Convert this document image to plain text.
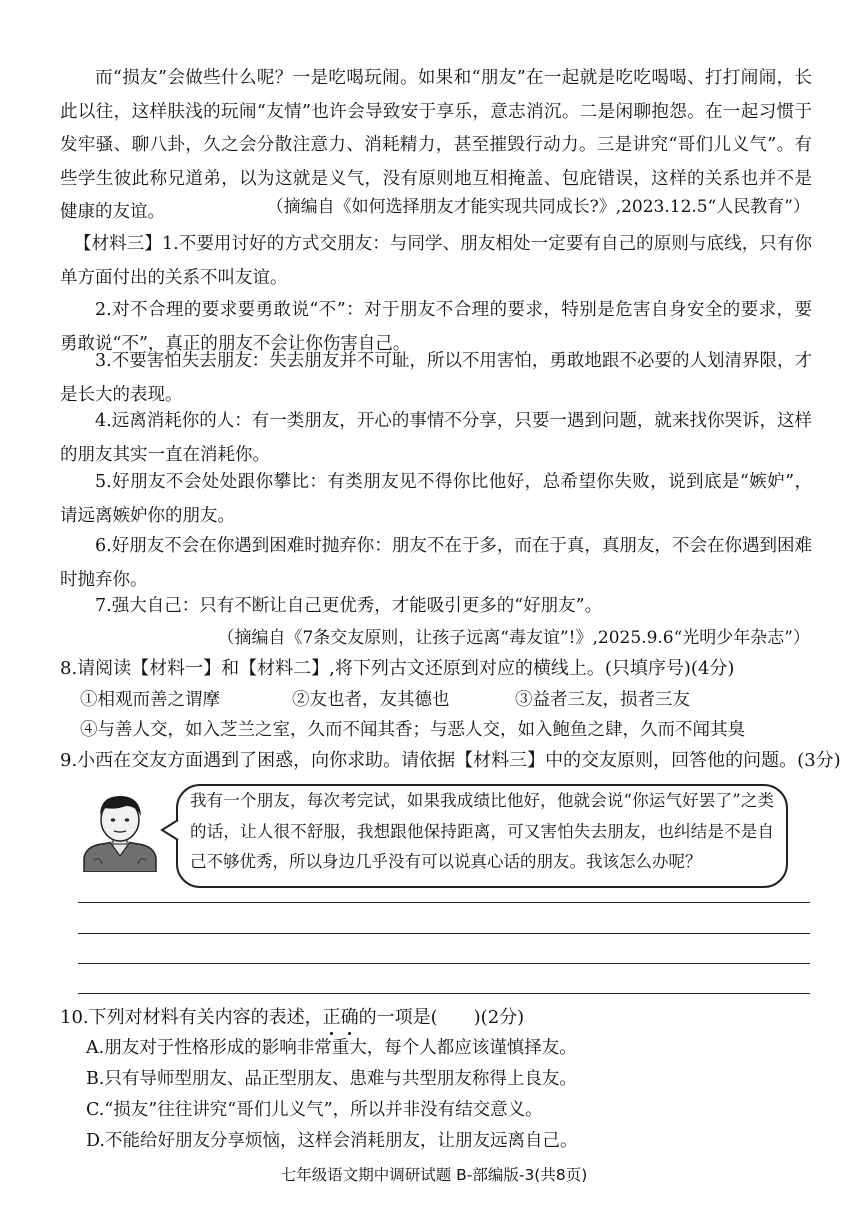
而“损友”会做些什么呢？一是吃喝玩闹。如果和“朋友”在一起就是吃吃喝喝、打打闹闹，长此以往，这样肤浅的玩闹“友情”也许会导致安于享乐，意志消沉。二是闲聊抱怨。在一起习惯于发牢骚、聊八卦，久之会分散注意力、消耗精力，甚至摧毁行动力。三是讲究“哥们儿义气”。有些学生彼此称兄道弟，以为这就是义气，没有原则地互相掩盖、包庇错误，这样的关系也并不是健康的友谊。	（摘编自《如何选择朋友才能实现共同成长?》,2023.12.5“人民教育”）

【材料三】1.不要用讨好的方式交朋友：与同学、朋友相处一定要有自己的原则与底线，只有你单方面付出的关系不叫友谊。

2.对不合理的要求要勇敢说“不”：对于朋友不合理的要求，特别是危害自身安全的要求，要勇敢说“不”，真正的朋友不会让你伤害自己。

3.不要害怕失去朋友：失去朋友并不可耻，所以不用害怕，勇敢地跟不必要的人划清界限，才是长大的表现。

4.远离消耗你的人：有一类朋友，开心的事情不分享，只要一遇到问题，就来找你哭诉，这样的朋友其实一直在消耗你。

5.好朋友不会处处跟你攀比：有类朋友见不得你比他好，总希望你失败，说到底是“嫉妒”，请远离嫉妒你的朋友。

6.好朋友不会在你遇到困难时抛弃你：朋友不在于多，而在于真，真朋友，不会在你遇到困难时抛弃你。

7.强大自己：只有不断让自己更优秀，才能吸引更多的“好朋友”。

（摘编自《7条交友原则，让孩子远离“毒友谊”!》,2025.9.6“光明少年杂志”）
8.请阅读【材料一】和【材料二】,将下列古文还原到对应的横线上。(只填序号)(4分)
①相观而善之谓摩	②友也者，友其德也	③益者三友，损者三友
④与善人交，如入芝兰之室，久而不闻其香；与恶人交，如入鲍鱼之肆，久而不闻其臭
9.小西在交友方面遇到了困惑，向你求助。请依据【材料三】中的交友原则，回答他的问题。(3分)

我有一个朋友，每次考完试，如果我成绩比他好，他就会说“你运气好罢了”之类的话，让人很不舒服，我想跟他保持距离，可又害怕失去朋友，也纠结是不是自己不够优秀，所以身边几乎没有可以说真心话的朋友。我该怎么办呢？

10.下列对材料有关内容的表述，正确的一项是(　　)(2分)
A.朋友对于性格形成的影响非常重大，每个人都应该谨慎择友。
B.只有导师型朋友、品正型朋友、患难与共型朋友称得上良友。
C.“损友”往往讲究“哥们儿义气”，所以并非没有结交意义。
D.不能给好朋友分享烦恼，这样会消耗朋友，让朋友远离自己。
七年级语文期中调研试题 B-部编版-3(共8页)
